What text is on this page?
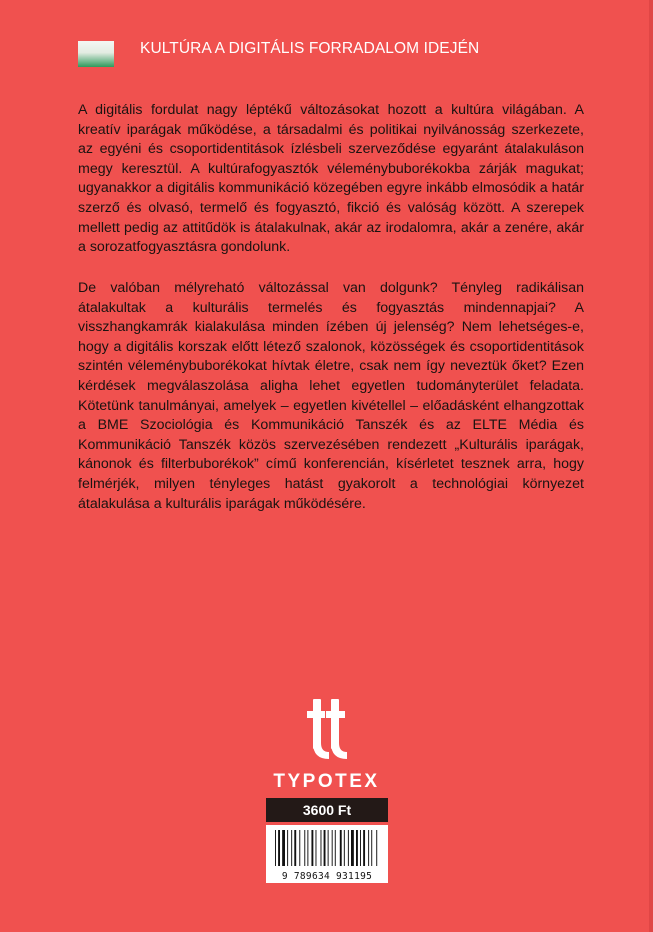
KULTÚRA A DIGITÁLIS FORRADALOM IDEJÉN

A digitális fordulat nagy léptékű változásokat hozott a kultúra világában. A kreatív iparágak működése, a társadalmi és politikai nyilvánosság szerkezete, az egyéni és csoportidentitások ízlésbeli szerveződése egyaránt átalakuláson megy keresztül. A kultúrafogyasztók véleménybuborékokba zárják magukat; ugyanakkor a digitális kommunikáció közegében egyre inkább elmosódik a határ szerző és olvasó, termelő és fogyasztó, fikció és valóság között. A szerepek mellett pedig az attitűdök is átalakulnak, akár az irodalomra, akár a zenére, akár a sorozatfogyasztásra gondolunk.

De valóban mélyreható változással van dolgunk? Tényleg radikálisan átalakultak a kulturális termelés és fogyasztás mindennapjai? A visszhangkamrák kialakulása minden ízében új jelenség? Nem lehetséges-e, hogy a digitális korszak előtt létező szalonok, közösségek és csoportidentitások szintén véleménybuborékokat hívtak életre, csak nem így neveztük őket? Ezen kérdések megválaszolása aligha lehet egyetlen tudományterület feladata. Kötetünk tanulmányai, amelyek – egyetlen kivétellel – előadásként elhangzottak a BME Szociológia és Kommunikáció Tanszék és az ELTE Média és Kommunikáció Tanszék közös szervezésében rendezett „Kulturális iparágak, kánonok és filterbuborékok” című konferencián, kísérletet tesznek arra, hogy felmérjék, milyen tényleges hatást gyakorolt a technológiai környezet átalakulása a kulturális iparágak működésére.

TYPOTEX
3600 Ft
9 789634 931195
